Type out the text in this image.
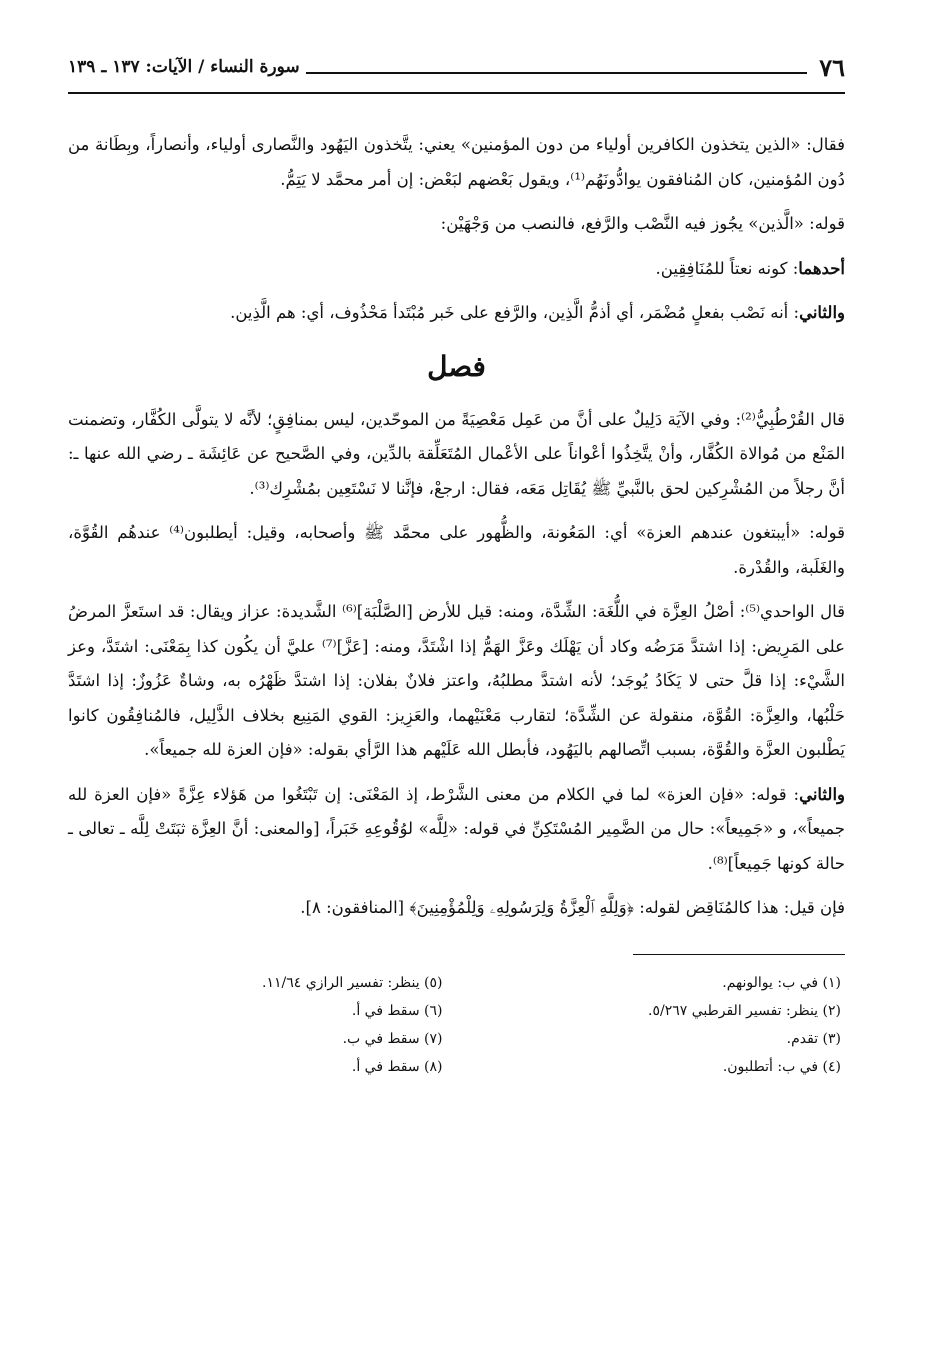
٧٦
سورة النساء / الآيات: ١٣٧ ـ ١٣٩

فقال: «الذين يتخذون الكافرين أولياء من دون المؤمنين» يعني: يتَّخذون اليَهُود والنَّصارى أولياء، وأنصاراً، وبِطَانة من دُون المُؤمنين، كان المُنافقون يوادُّونَهُم⁽¹⁾، ويقول بَعْضهم لبَعْض: إن أمر محمَّد لا يَتِمُّ.

قوله: «الَّذين» يجُوز فيه النَّصْب والرَّفع، فالنصب من وَجْهَيْن:

أحدهما: كونه نعتاً للمُنَافِقِين.

والثاني: أنه نَصْب بفعلٍ مُضْمَر، أي أذمُّ الَّذِين، والرَّفع على خَبر مُبْتَدأ مَحْذُوف، أي: هم الَّذِين.

فصل

قال القُرْطُبِيُّ⁽²⁾: وفي الآيَة دَلِيلٌ على أنَّ من عَمِل مَعْصِيَةً من الموحّدين، ليس بمنافِقٍ؛ لأنَّه لا يتولَّى الكُفَّار، وتضمنت المَنْع من مُوالاة الكُفَّار، وأنْ يتَّخِذُوا أعْواناً على الأعْمال المُتَعَلِّقة بالدِّين، وفي الصَّحيح عن عَائِشَة ـ رضي الله عنها ـ: أنَّ رجلاً من المُشْرِكين لحق بالنَّبيِّ ﷺ يُقَاتِل مَعَه، فقال: ارجعْ، فإنَّنا لا نَسْتَعِين بمُشْرِك⁽³⁾.

قوله: «أيبتغون عندهم العزة» أي: المَعُونة، والظُّهور على محمَّد ﷺ وأصحابه، وقيل: أيطلبون⁽⁴⁾ عندهُم القُوَّة، والغَلَبة، والقُدْرة.

قال الواحدي⁽⁵⁾: أصْلُ العِزَّة في اللُّغَة: الشِّدَّة، ومنه: قيل للأرض [الصَّلْبَة]⁽⁶⁾ الشَّديدة: عزاز ويقال: قد استَعزَّ المرضُ على المَرِيض: إذا اشتدَّ مَرَضُه وكاد أن يَهْلَك وعَزَّ الهَمُّ إذا اشْتَدَّ، ومنه: [عَزَّ]⁽⁷⁾ عليَّ أن يكُون كذا بِمَعْنَى: اشتَدَّ، وعز الشَّيْء: إذا قلَّ حتى لا يَكَادُ يُوجَد؛ لأنه اشتدَّ مطلبُهُ، واعتز فلانٌ بفلان: إذا اشتدَّ ظَهْرُه به، وشاةٌ عَزُوزٌ: إذا اشتَدَّ حَلْبُها، والعِزَّة: القُوَّة، منقولة عن الشِّدَّة؛ لتقارب مَعْنَيْهما، والعَزِيز: القوي المَنِيع بخلاف الذَّلِيل، فالمُنافِقُون كانوا يَطْلبون العزَّة والقُوَّة، بسبب اتِّصالهم باليَهُود، فأبطل الله عَلَيْهم هذا الرَّأي بقوله: «فإن العزة لله جميعاً».

والثاني: قوله: «فإن العزة» لما في الكلام من معنى الشَّرْط، إذ المَعْنَى: إن تَبْتَغُوا من هَؤلاء عِزَّةً «فإن العزة لله جميعاً»، و «جَمِيعاً»: حال من الضَّمِير المُسْتَكِنِّ في قوله: «لِلَّه» لوُقُوعِهِ خَبَراً، [والمعنى: أنَّ العِزَّة ثبَتَتْ لِلَّه ـ تعالى ـ حالة كونها جَمِيعاً]⁽⁸⁾.

فإن قيل: هذا كالمُنَاقِض لقوله: ﴿وَلِلَّهِ ٱلْعِزَّةُ وَلِرَسُولِهِۦ وَلِلْمُؤْمِنِينَ﴾ [المنافقون: ٨].

(١) في ب: يوالونهم.
(٢) ينظر: تفسير القرطبي ٥/٢٦٧.
(٣) تقدم.
(٤) في ب: أتطلبون.
(٥) ينظر: تفسير الرازي ١١/٦٤.
(٦) سقط في أ.
(٧) سقط في ب.
(٨) سقط في أ.
